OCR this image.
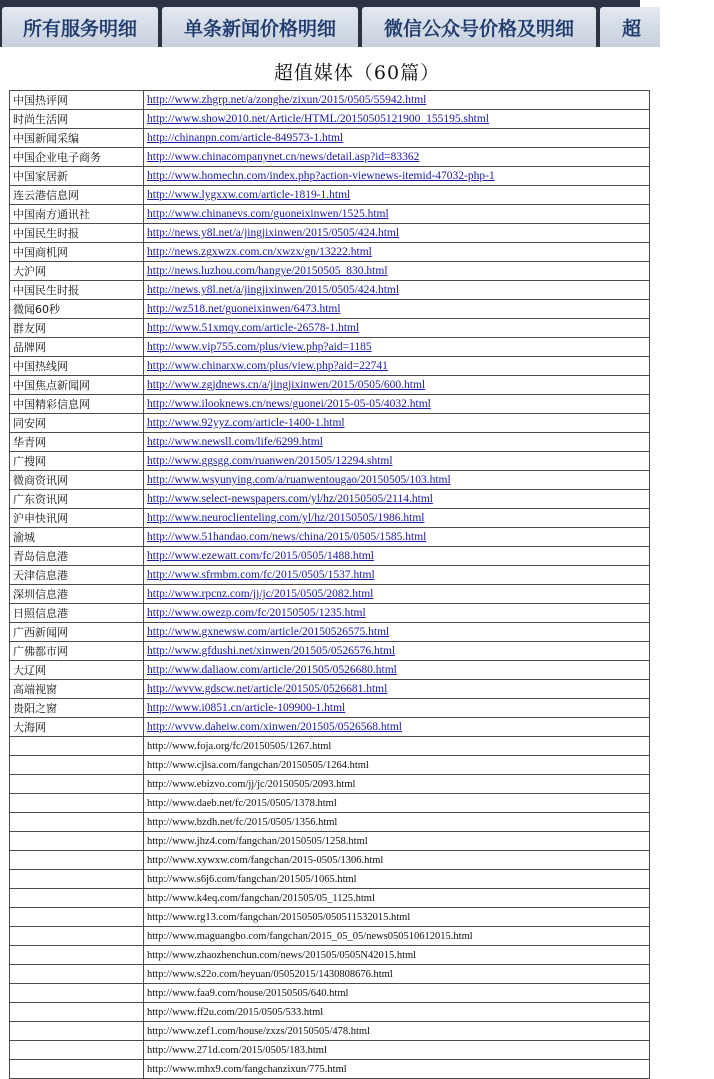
所有服务明细	单条新闻价格明细	微信公众号价格及明细	超
超值媒体（60篇）
中国热评网	http://www.zhgrp.net/a/zonghe/zixun/2015/0505/55942.html
时尚生活网	http://www.show2010.net/Article/HTML/20150505121900_155195.shtml
中国新闻采编	http://chinanpn.com/article-849573-1.html
中国企业电子商务	http://www.chinacompanynet.cn/news/detail.asp?id=83362
中国家居新	http://www.homechn.com/index.php?action-viewnews-itemid-47032-php-1
连云港信息网	http://www.lygxxw.com/article-1819-1.html
中国南方通讯社	http://www.chinanevs.com/guoneixinwen/1525.html
中国民生时报	http://news.y8l.net/a/jingjixinwen/2015/0505/424.html
中国商机网	http://news.zgxwzx.com.cn/xwzx/gn/13222.html
大沪网	http://news.luzhou.com/hangye/20150505_830.html
中国民生时报	http://news.y8l.net/a/jingjixinwen/2015/0505/424.html
微闻60秒	http://wz518.net/guoneixinwen/6473.html
群友网	http://www.51xmqy.com/article-26578-1.html
品牌网	http://www.vip755.com/plus/view.php?aid=1185
中国热线网	http://www.chinarxw.com/plus/view.php?aid=22741
中国焦点新闻网	http://www.zgjdnews.cn/a/jingjixinwen/2015/0505/600.html
中国精彩信息网	http://www.ilooknews.cn/news/guonei/2015-05-05/4032.html
同安网	http://www.92yyz.com/article-1400-1.html
华青网	http://www.newsll.com/life/6299.html
广搜网	http://www.ggsgg.com/ruanwen/201505/12294.shtml
微商资讯网	http://www.wsyunying.com/a/ruanwentougao/20150505/103.html
广东资讯网	http://www.select-newspapers.com/yl/hz/20150505/2114.html
沪申快讯网	http://www.neuroclienteling.com/yl/hz/20150505/1986.html
渝城	http://www.51handao.com/news/china/2015/0505/1585.html
青岛信息港	http://www.ezewatt.com/fc/2015/0505/1488.html
天津信息港	http://www.sfrmbm.com/fc/2015/0505/1537.html
深圳信息港	http://www.rpcnz.com/jj/jc/2015/0505/2082.html
日照信息港	http://www.owezp.com/fc/20150505/1235.html
广西新闻网	http://www.gxnewsw.com/article/20150526575.html
广佛都市网	http://www.gfdushi.net/xinwen/201505/0526576.html
大辽网	http://www.daliaow.com/article/201505/0526680.html
高端视窗	http://wvvw.gdscw.net/article/201505/0526681.html
贵阳之窗	http://www.i0851.cn/article-109900-1.html
大海网	http://wvvw.daheiw.com/xinwen/201505/0526568.html
	http://www.foja.org/fc/20150505/1267.html
	http://www.cjlsa.com/fangchan/20150505/1264.html
	http://www.ebizvo.com/jj/jc/20150505/2093.html
	http://www.daeb.net/fc/2015/0505/1378.html
	http://www.bzdh.net/fc/2015/0505/1356.html
	http://www.jhz4.com/fangchan/20150505/1258.html
	http://www.xywxw.com/fangchan/2015-0505/1306.html
	http://www.s6j6.com/fangchan/201505/1065.html
	http://www.k4eq.com/fangchan/201505/05_1125.html
	http://www.rg13.com/fangchan/20150505/050511532015.html
	http://www.maguangbo.com/fangchan/2015_05_05/news050510612015.html
	http://www.zhaozhenchun.com/news/201505/0505N42015.html
	http://www.s22o.com/heyuan/05052015/1430808676.html
	http://www.faa9.com/house/20150505/640.html
	http://www.ff2u.com/2015/0505/533.html
	http://www.zef1.com/house/zxzs/20150505/478.html
	http://www.271d.com/2015/0505/183.html
	http://www.mhx9.com/fangchanzixun/775.html
